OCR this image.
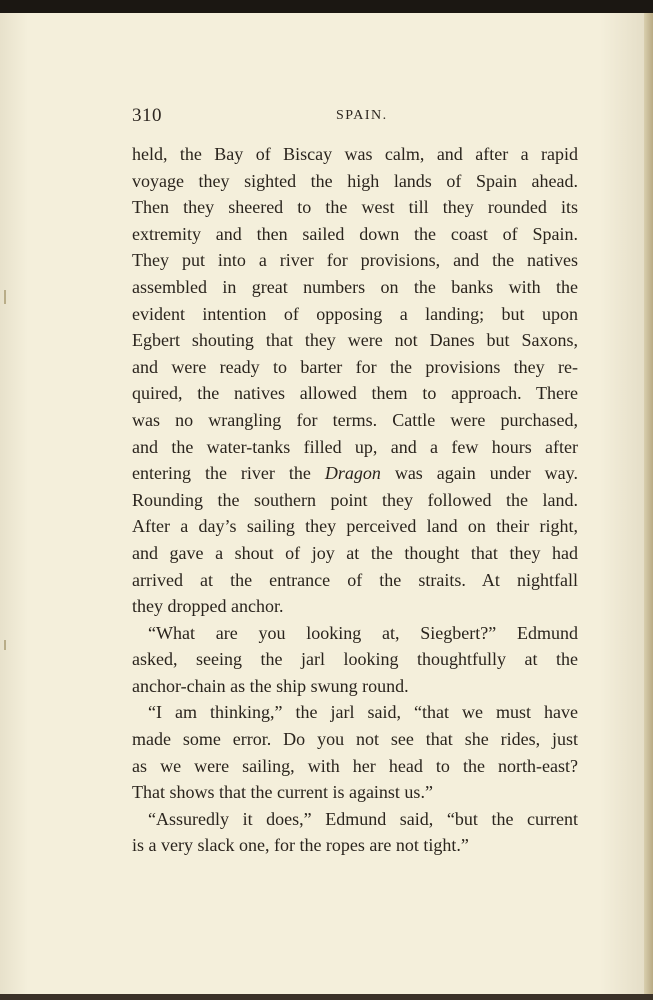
310	SPAIN.
held, the Bay of Biscay was calm, and after a rapid
voyage they sighted the high lands of Spain ahead.
Then they sheered to the west till they rounded its
extremity and then sailed down the coast of Spain.
They put into a river for provisions, and the natives
assembled in great numbers on the banks with the
evident intention of opposing a landing; but upon
Egbert shouting that they were not Danes but Saxons,
and were ready to barter for the provisions they re-
quired, the natives allowed them to approach. There
was no wrangling for terms. Cattle were purchased,
and the water-tanks filled up, and a few hours after
entering the river the Dragon was again under way.
Rounding the southern point they followed the land.
After a day’s sailing they perceived land on their right,
and gave a shout of joy at the thought that they had
arrived at the entrance of the straits. At nightfall
they dropped anchor.
“What are you looking at, Siegbert?” Edmund
asked, seeing the jarl looking thoughtfully at the
anchor-chain as the ship swung round.
“I am thinking,” the jarl said, “that we must have
made some error. Do you not see that she rides, just
as we were sailing, with her head to the north-east?
That shows that the current is against us.”
“Assuredly it does,” Edmund said, “but the current
is a very slack one, for the ropes are not tight.”
